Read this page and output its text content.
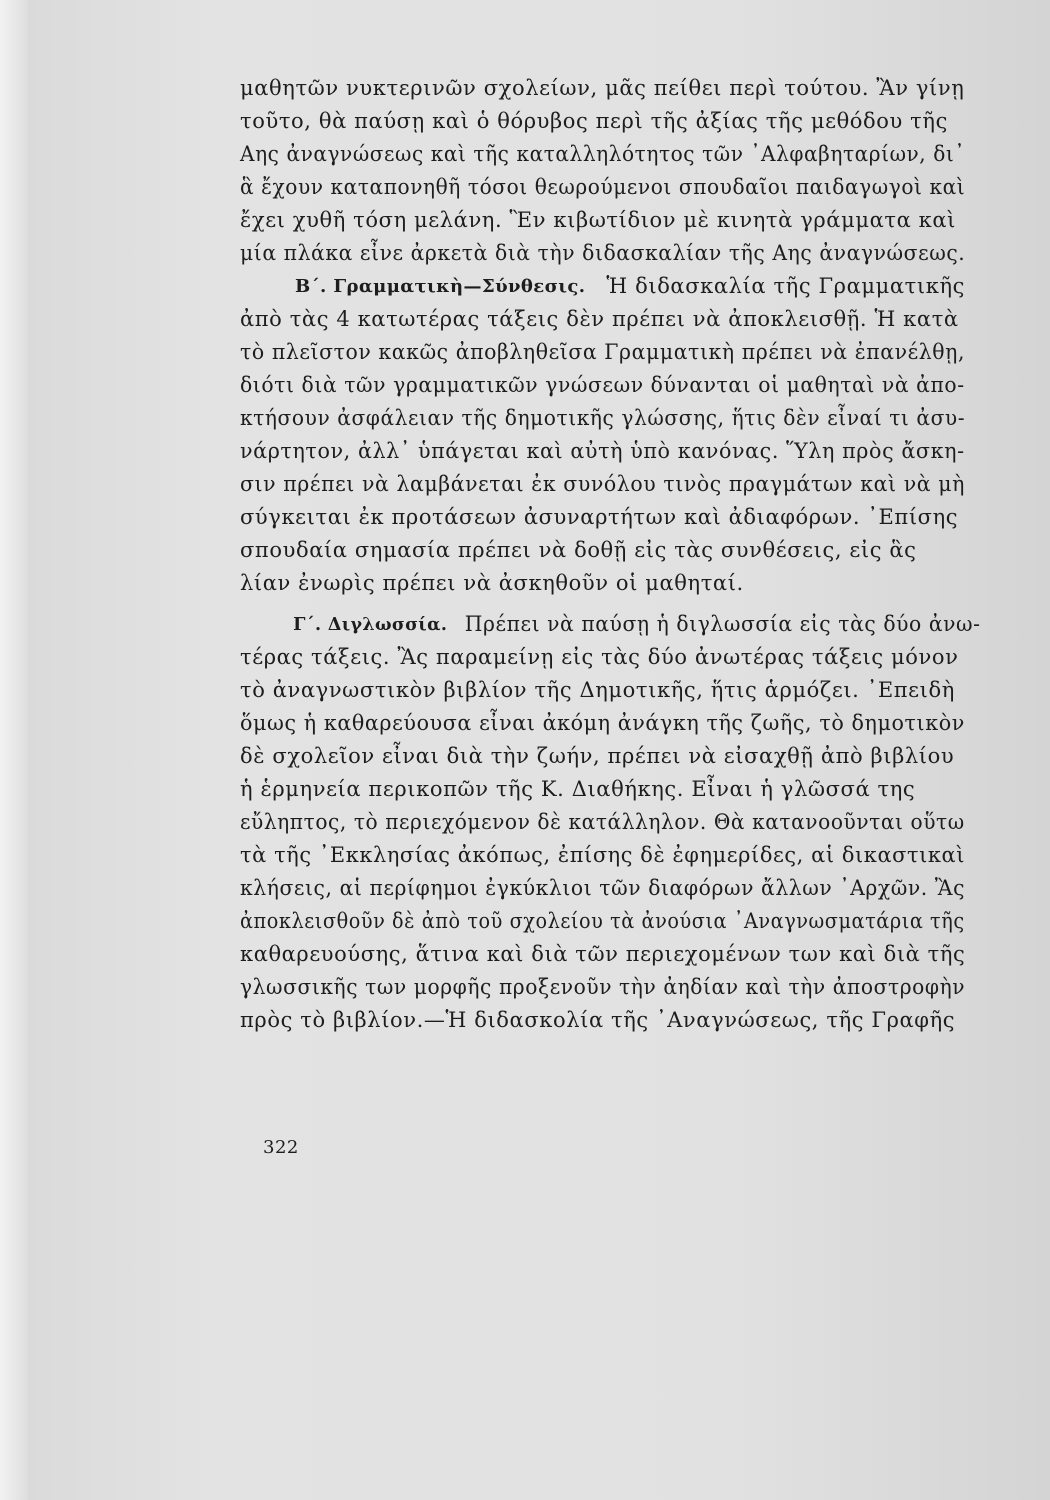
μαθητῶν νυκτερινῶν σχολείων, μᾶς πείθει περὶ τούτου. Ἂν γίνῃ
τοῦτο, θὰ παύσῃ καὶ ὁ θόρυβος περὶ τῆς ἀξίας τῆς μεθόδου τῆς
Αης ἀναγνώσεως καὶ τῆς καταλληλότητος τῶν ᾽Αλφαβηταρίων, δι᾽
ἃ ἔχουν καταπονηθῆ τόσοι θεωρούμενοι σπουδαῖοι παιδαγωγοὶ καὶ
ἔχει χυθῆ τόση μελάνη. Ἓν κιβωτίδιον μὲ κινητὰ γράμματα καὶ
μία πλάκα εἶνε ἀρκετὰ διὰ τὴν διδασκαλίαν τῆς Αης ἀναγνώσεως.
Β΄. Γραμματικὴ—Σύνθεσις. Ἡ διδασκαλία τῆς Γραμματικῆς
ἀπὸ τὰς 4 κατωτέρας τάξεις δὲν πρέπει νὰ ἀποκλεισθῇ. Ἡ κατὰ
τὸ πλεῖστον κακῶς ἀποβληθεῖσα Γραμματικὴ πρέπει νὰ ἐπανέλθῃ,
διότι διὰ τῶν γραμματικῶν γνώσεων δύνανται οἱ μαθηταὶ νὰ ἀπο-
κτήσουν ἀσφάλειαν τῆς δημοτικῆς γλώσσης, ἥτις δὲν εἶναί τι ἀσυ-
νάρτητον, ἀλλ᾽ ὑπάγεται καὶ αὐτὴ ὑπὸ κανόνας. Ὕλη πρὸς ἄσκη-
σιν πρέπει νὰ λαμβάνεται ἐκ συνόλου τινὸς πραγμάτων καὶ νὰ μὴ
σύγκειται ἐκ προτάσεων ἀσυναρτήτων καὶ ἀδιαφόρων. ᾽Επίσης
σπουδαία σημασία πρέπει νὰ δοθῇ εἰς τὰς συνθέσεις, εἰς ἃς
λίαν ἐνωρὶς πρέπει νὰ ἀσκηθοῦν οἱ μαθηταί.
Γ΄. Διγλωσσία. Πρέπει νὰ παύσῃ ἡ διγλωσσία εἰς τὰς δύο ἀνω-
τέρας τάξεις. Ἂς παραμείνῃ εἰς τὰς δύο ἀνωτέρας τάξεις μόνον
τὸ ἀναγνωστικὸν βιβλίον τῆς Δημοτικῆς, ἥτις ἁρμόζει. ᾽Επειδὴ
ὅμως ἡ καθαρεύουσα εἶναι ἀκόμη ἀνάγκη τῆς ζωῆς, τὸ δημοτικὸν
δὲ σχολεῖον εἶναι διὰ τὴν ζωήν, πρέπει νὰ εἰσαχθῇ ἀπὸ βιβλίου
ἡ ἑρμηνεία περικοπῶν τῆς Κ. Διαθήκης. Εἶναι ἡ γλῶσσά της
εὔληπτος, τὸ περιεχόμενον δὲ κατάλληλον. Θὰ κατανοοῦνται οὕτω
τὰ τῆς ᾽Εκκλησίας ἀκόπως, ἐπίσης δὲ ἐφημερίδες, αἱ δικαστικαὶ
κλήσεις, αἱ περίφημοι ἐγκύκλιοι τῶν διαφόρων ἄλλων ᾽Αρχῶν. Ἂς
ἀποκλεισθοῦν δὲ ἀπὸ τοῦ σχολείου τὰ ἀνούσια ᾽Αναγνωσματάρια τῆς
καθαρευούσης, ἅτινα καὶ διὰ τῶν περιεχομένων των καὶ διὰ τῆς
γλωσσικῆς των μορφῆς προξενοῦν τὴν ἀηδίαν καὶ τὴν ἀποστροφὴν
πρὸς τὸ βιβλίον.—Ἡ διδασκολία τῆς ᾽Αναγνώσεως, τῆς Γραφῆς
322
